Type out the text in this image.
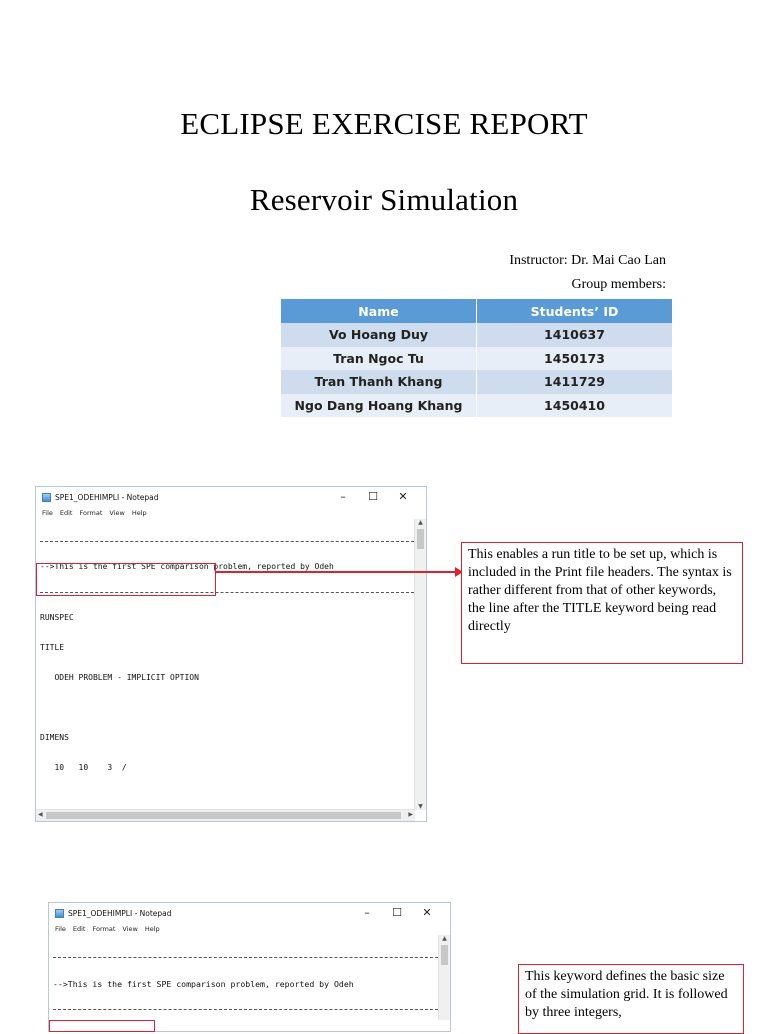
ECLIPSE EXERCISE REPORT
Reservoir Simulation
Instructor: Dr. Mai Cao Lan
Group members:
Name	Students’ ID
Vo Hoang Duy	1410637
Tran Ngoc Tu	1450173
Tran Thanh Khang	1411729
Ngo Dang Hoang Khang	1450410
SPE1_ODEHIMPLI - Notepad	–	☐	✕
File Edit Format View Help

-->This is the first SPE comparison problem, reported by Odeh

RUNSPEC

TITLE

ODEH PROBLEM - IMPLICIT OPTION

DIMENS

10   10    3  /

▲
▼
◀	▶
This enables a run title to be set up, which is included in the Print file headers. The syntax is rather different from that of other keywords, the line after the TITLE keyword being read directly
SPE1_ODEHIMPLI - Notepad	–	☐	✕
File Edit Format View Help

-->This is the first SPE comparison problem, reported by Odeh

▲
This keyword defines the basic size of the simulation grid. It is followed by three integers,
